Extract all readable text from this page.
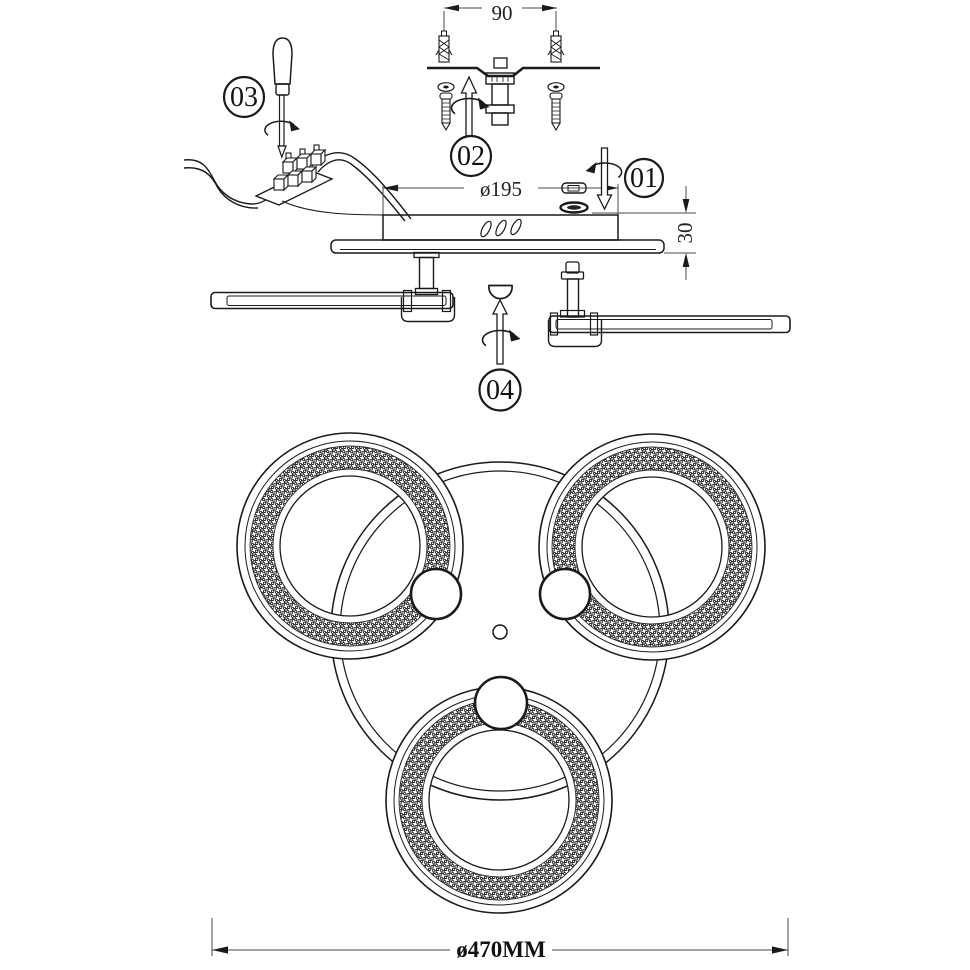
90
ø195
30
03
02
01
04
ø470MM
